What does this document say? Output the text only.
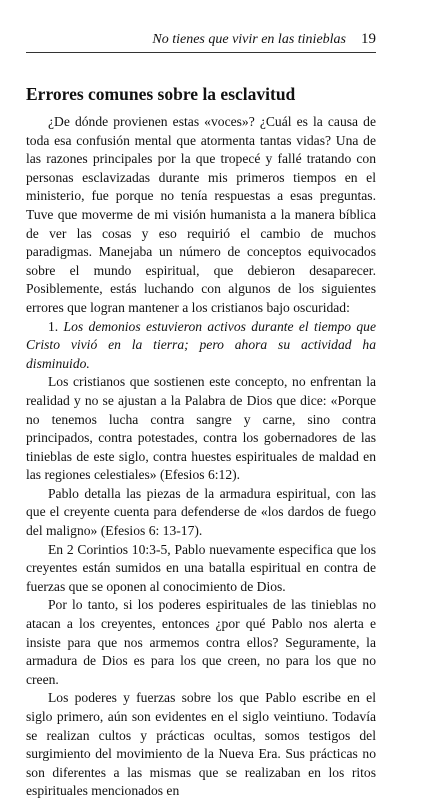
No tienes que vivir en las tinieblas 19
Errores comunes sobre la esclavitud

¿De dónde provienen estas «voces»? ¿Cuál es la causa de toda esa confusión mental que atormenta tantas vidas? Una de las razones principales por la que tropecé y fallé tratando con personas esclavizadas durante mis primeros tiempos en el ministerio, fue porque no tenía respuestas a esas preguntas. Tuve que moverme de mi visión humanista a la manera bíblica de ver las cosas y eso requirió el cambio de muchos paradigmas. Manejaba un número de conceptos equivocados sobre el mundo espiritual, que debieron desaparecer. Posiblemente, estás luchando con algunos de los siguientes errores que logran mantener a los cristianos bajo oscuridad:

1. Los demonios estuvieron activos durante el tiempo que Cristo vivió en la tierra; pero ahora su actividad ha disminuido.

Los cristianos que sostienen este concepto, no enfrentan la realidad y no se ajustan a la Palabra de Dios que dice: «Porque no tenemos lucha contra sangre y carne, sino contra principados, contra potestades, contra los gobernadores de las tinieblas de este siglo, contra huestes espirituales de maldad en las regiones celestiales» (Efesios 6:12).

Pablo detalla las piezas de la armadura espiritual, con las que el creyente cuenta para defenderse de «los dardos de fuego del maligno» (Efesios 6: 13-17).

En 2 Corintios 10:3-5, Pablo nuevamente especifica que los creyentes están sumidos en una batalla espiritual en contra de fuerzas que se oponen al conocimiento de Dios.

Por lo tanto, si los poderes espirituales de las tinieblas no atacan a los creyentes, entonces ¿por qué Pablo nos alerta e insiste para que nos armemos contra ellos? Seguramente, la armadura de Dios es para los que creen, no para los que no creen.

Los poderes y fuerzas sobre los que Pablo escribe en el siglo primero, aún son evidentes en el siglo veintiuno. Todavía se realizan cultos y prácticas ocultas, somos testigos del surgimiento del movimiento de la Nueva Era. Sus prácticas no son diferentes a las mismas que se realizaban en los ritos espirituales mencionados en
